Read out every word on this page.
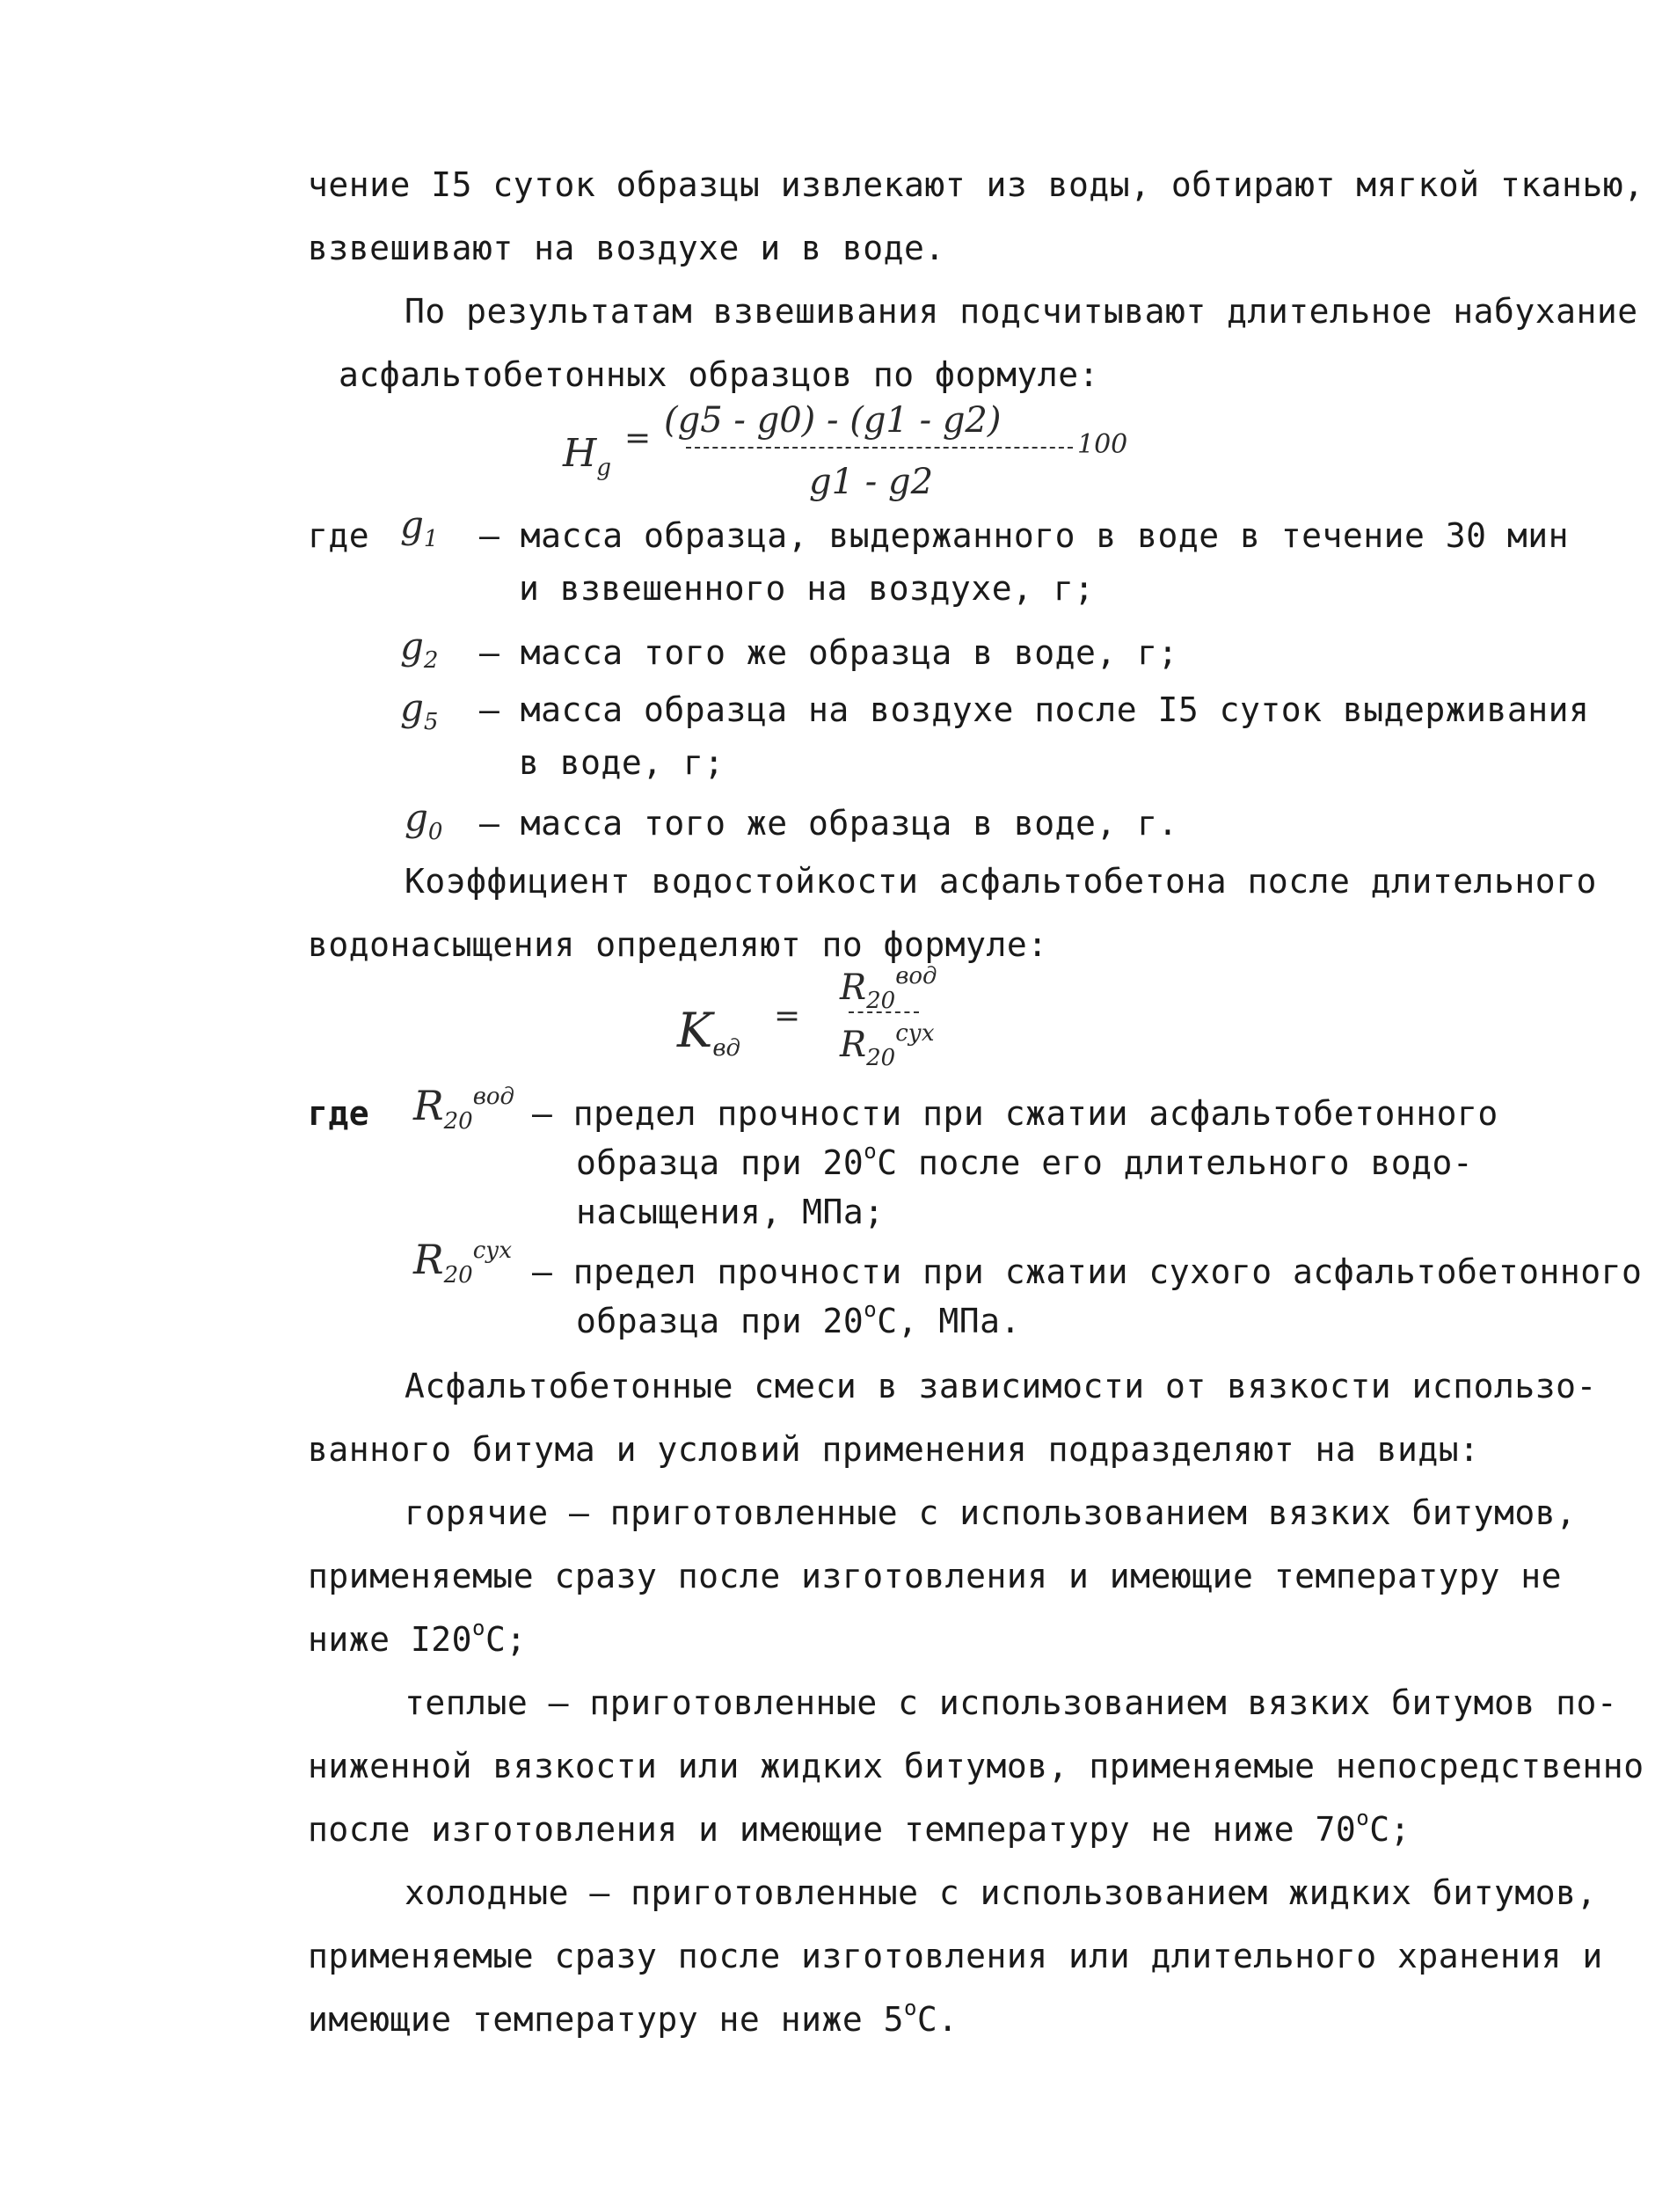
чение I5 суток образцы извлекают из воды, обтирают мягкой тканью,
взвешивают на воздухе и в воде.
По результатам взвешивания подсчитывают длительное набухание
асфальтобетонных образцов по формуле:
$H_g$
= (g5 - g0) - (g1 - g2)
g1 - g2
100
где $g_1$ – масса образца, выдержанного в воде в течение 30 мин
и взвешенного на воздухе, г;
$g_2$ – масса того же образца в воде, г;
$g_5$ – масса образца на воздухе после I5 суток выдерживания
в воде, г;
$g_0$ – масса того же образца в воде, г.
Коэффициент водостойкости асфальтобетона после длительного
водонасыщения определяют по формуле:
Kвд
=
$R_{20}^{вод}$
$R_{20}^{сух}$
где $R_{20}^{вод}$ – предел прочности при сжатии асфальтобетонного
образца при $20^оС$ после его длительного водо-
насыщения, МПа;
$R_{20}^{сух}$
– предел прочности при сжатии сухого асфальтобетонного
образца при $20^оС$, МПа.
Асфальтобетонные смеси в зависимости от вязкости использо-
ванного битума и условий применения подразделяют на виды:
горячие – приготовленные с использованием вязких битумов,
применяемые сразу после изготовления и имеющие температуру не
ниже $I20^оС$;
теплые – приготовленные с использованием вязких битумов по-
ниженной вязкости или жидких битумов, применяемые непосредственно
после изготовления и имеющие температуру не ниже $70^оС$;
холодные – приготовленные с использованием жидких битумов,
применяемые сразу после изготовления или длительного хранения и
имеющие температуру не ниже $5^оС$.
